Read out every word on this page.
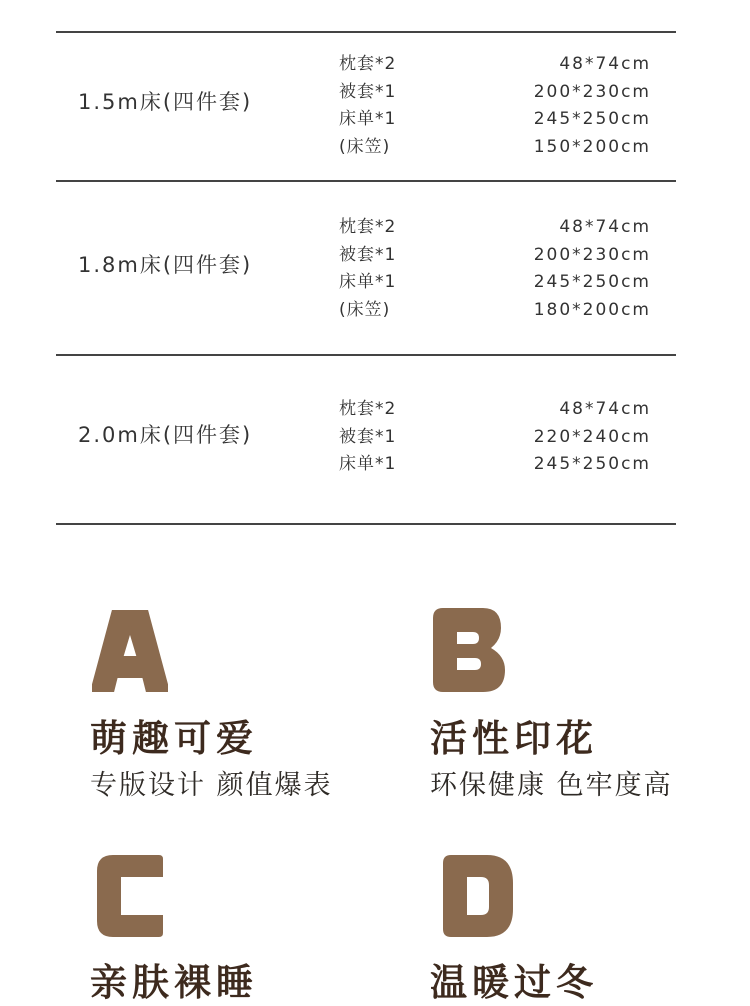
1.5m床(四件套)
枕套*2
被套*1
床单*1
(床笠)
48*74cm
200*230cm
245*250cm
150*200cm
1.8m床(四件套)
枕套*2
被套*1
床单*1
(床笠)
48*74cm
200*230cm
245*250cm
180*200cm
2.0m床(四件套)
枕套*2
被套*1
床单*1
48*74cm
220*240cm
245*250cm
萌趣可爱
专版设计 颜值爆表
活性印花
环保健康 色牢度高
亲肤裸睡	温暖过冬
